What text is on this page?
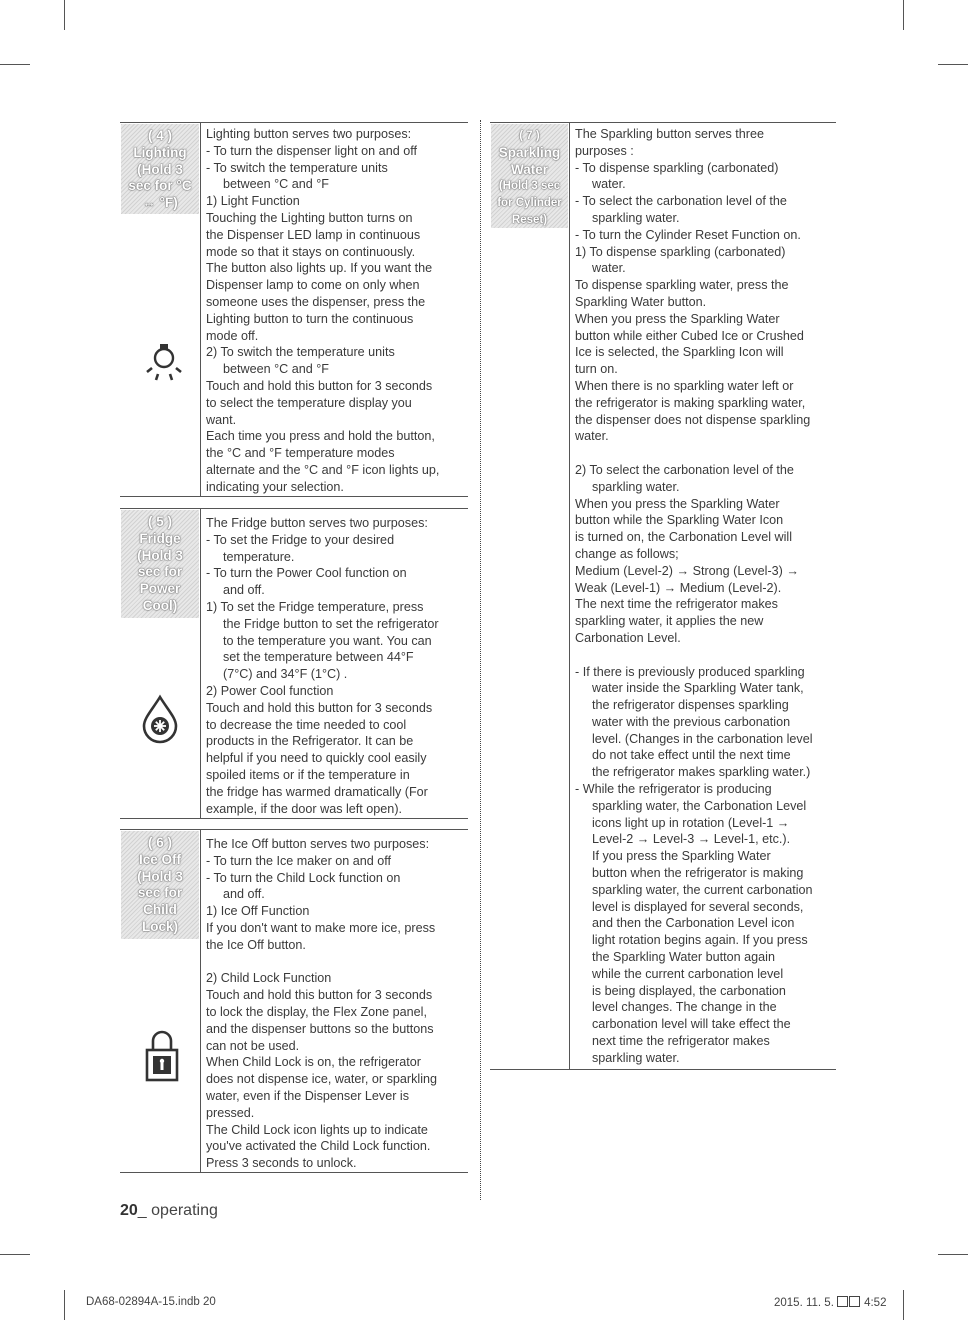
( 4 )
Lighting
(Hold 3
sec for °C
↔ °F)
Lighting button serves two purposes:
- To turn the dispenser light on and off
- To switch the temperature units
between °C and °F
1) Light Function
Touching the Lighting button turns on
the Dispenser LED lamp in continuous
mode so that it stays on continuously.
The button also lights up. If you want the
Dispenser lamp to come on only when
someone uses the dispenser, press the
Lighting button to turn the continuous
mode off.
2) To switch the temperature units
between °C and °F
Touch and hold this button for 3 seconds
to select the temperature display you
want.
Each time you press and hold the button,
the °C and °F temperature modes
alternate and the °C and °F icon lights up,
indicating your selection.
( 5 )
Fridge
(Hold 3
sec for
Power
Cool)
The Fridge button serves two purposes:
- To set the Fridge to your desired
temperature.
- To turn the Power Cool function on
and off.
1) To set the Fridge temperature, press
the Fridge button to set the refrigerator
to the temperature you want. You can
set the temperature between 44°F
(7°C) and 34°F (1°C) .
2) Power Cool function
Touch and hold this button for 3 seconds
to decrease the time needed to cool
products in the Refrigerator. It can be
helpful if you need to quickly cool easily
spoiled items or if the temperature in
the fridge has warmed dramatically (For
example, if the door was left open).
( 6 )
Ice Off
(Hold 3
sec for
Child
Lock)
The Ice Off button serves two purposes:
- To turn the Ice maker on and off
- To turn the Child Lock function on
and off.
1) Ice Off Function
If you don't want to make more ice, press
the Ice Off button.
2) Child Lock Function
Touch and hold this button for 3 seconds
to lock the display, the Flex Zone panel,
and the dispenser buttons so the buttons
can not be used.
When Child Lock is on, the refrigerator
does not dispense ice, water, or sparkling
water, even if the Dispenser Lever is
pressed.
The Child Lock icon lights up to indicate
you've activated the Child Lock function.
Press 3 seconds to unlock.
( 7 )
Sparkling
Water
(Hold 3 sec
for Cylinder
Reset)
The Sparkling button serves three
purposes :
- To dispense sparkling (carbonated)
water.
- To select the carbonation level of the
sparkling water.
- To turn the Cylinder Reset Function on.
1) To dispense sparkling (carbonated)
water.
To dispense sparkling water, press the
Sparkling Water button.
When you press the Sparkling Water
button while either Cubed Ice or Crushed
Ice is selected, the Sparkling Icon will
turn on.
When there is no sparkling water left or
the refrigerator is making sparkling water,
the dispenser does not dispense sparkling
water.
2) To select the carbonation level of the
sparkling water.
When you press the Sparkling Water
button while the Sparkling Water Icon
is turned on, the Carbonation Level will
change as follows;
Medium (Level-2) → Strong (Level-3) →
Weak (Level-1) → Medium (Level-2).
The next time the refrigerator makes
sparkling water, it applies the new
Carbonation Level.
- If there is previously produced sparkling
water inside the Sparkling Water tank,
the refrigerator dispenses sparkling
water with the previous carbonation
level. (Changes in the carbonation level
do not take effect until the next time
the refrigerator makes sparkling water.)
- While the refrigerator is producing
sparkling water, the Carbonation Level
icons light up in rotation (Level-1 →
Level-2 → Level-3 → Level-1, etc.).
If you press the Sparkling Water
button when the refrigerator is making
sparkling water, the current carbonation
level is displayed for several seconds,
and then the Carbonation Level icon
light rotation begins again. If you press
the Sparkling Water button again
while the current carbonation level
is being displayed, the carbonation
level changes. The change in the
carbonation level will take effect the
next time the refrigerator makes
sparkling water.
20_ operating
DA68-02894A-15.indb 20	2015. 11. 5. 4:52
